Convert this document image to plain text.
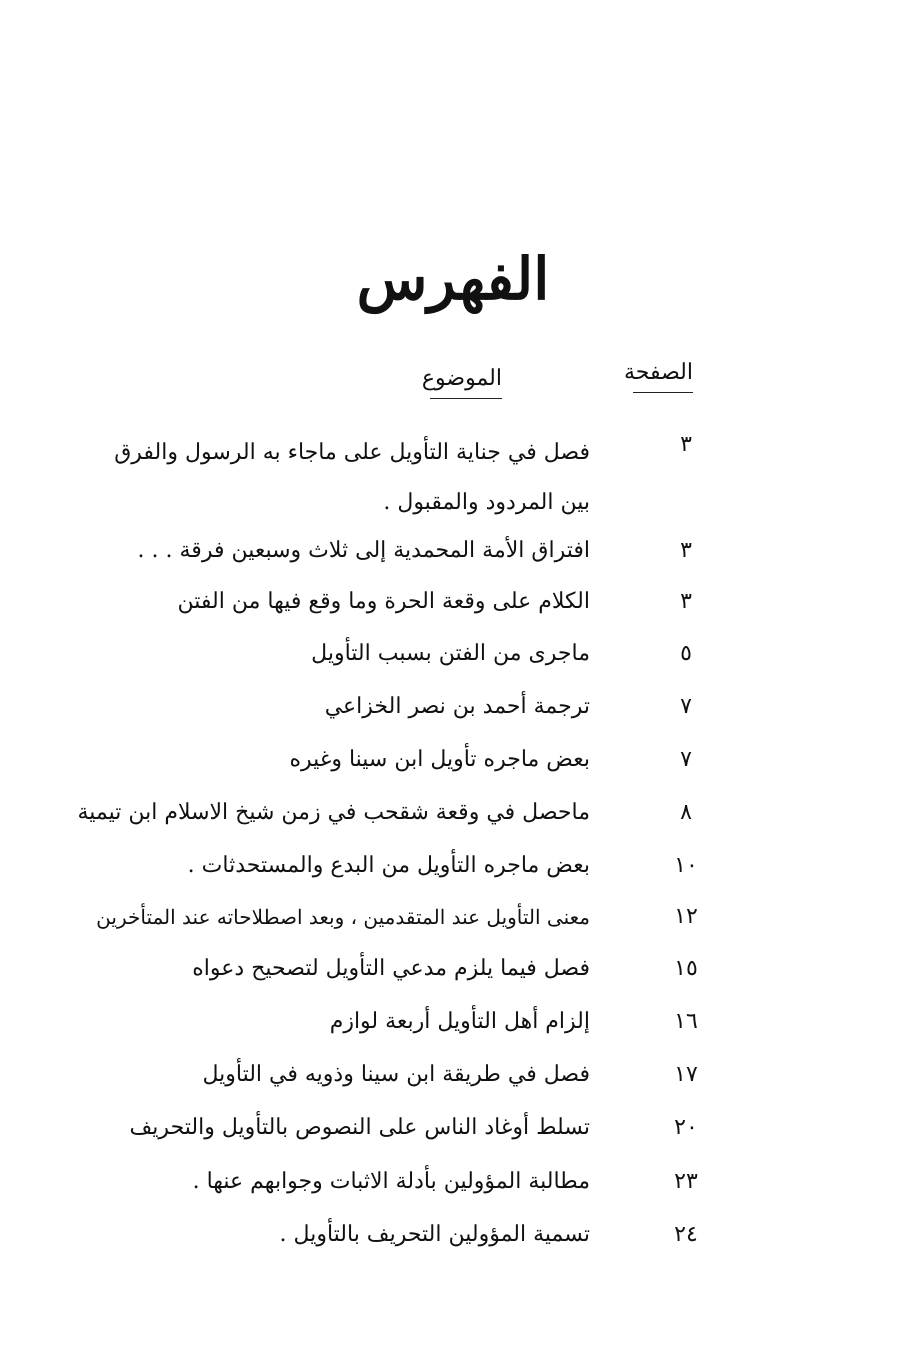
الفهرس
الصفحة
الموضوع
٣
فصل في جناية التأويل على ماجاء به الرسول والفرق بين المردود والمقبول .
٣
افتراق الأمة المحمدية إلى ثلاث وسبعين فرقة . . .
٣
الكلام على وقعة الحرة وما وقع فيها من الفتن
٥
ماجرى من الفتن بسبب التأويل
٧
ترجمة أحمد بن نصر الخزاعي
٧
بعض ماجره تأويل ابن سينا وغيره
٨
ماحصل في وقعة شقحب في زمن شيخ الاسلام ابن تيمية
١٠
بعض ماجره التأويل من البدع والمستحدثات .
١٢
معنى التأويل عند المتقدمين ، وبعد اصطلاحاته عند المتأخرين
١٥
فصل فيما يلزم مدعي التأويل لتصحيح دعواه
١٦
إلزام أهل التأويل أربعة لوازم
١٧
فصل في طريقة ابن سينا وذويه في التأويل
٢٠
تسلط أوغاد الناس على النصوص بالتأويل والتحريف
٢٣
مطالبة المؤولين بأدلة الاثبات وجوابهم عنها .
٢٤
تسمية المؤولين التحريف بالتأويل .
